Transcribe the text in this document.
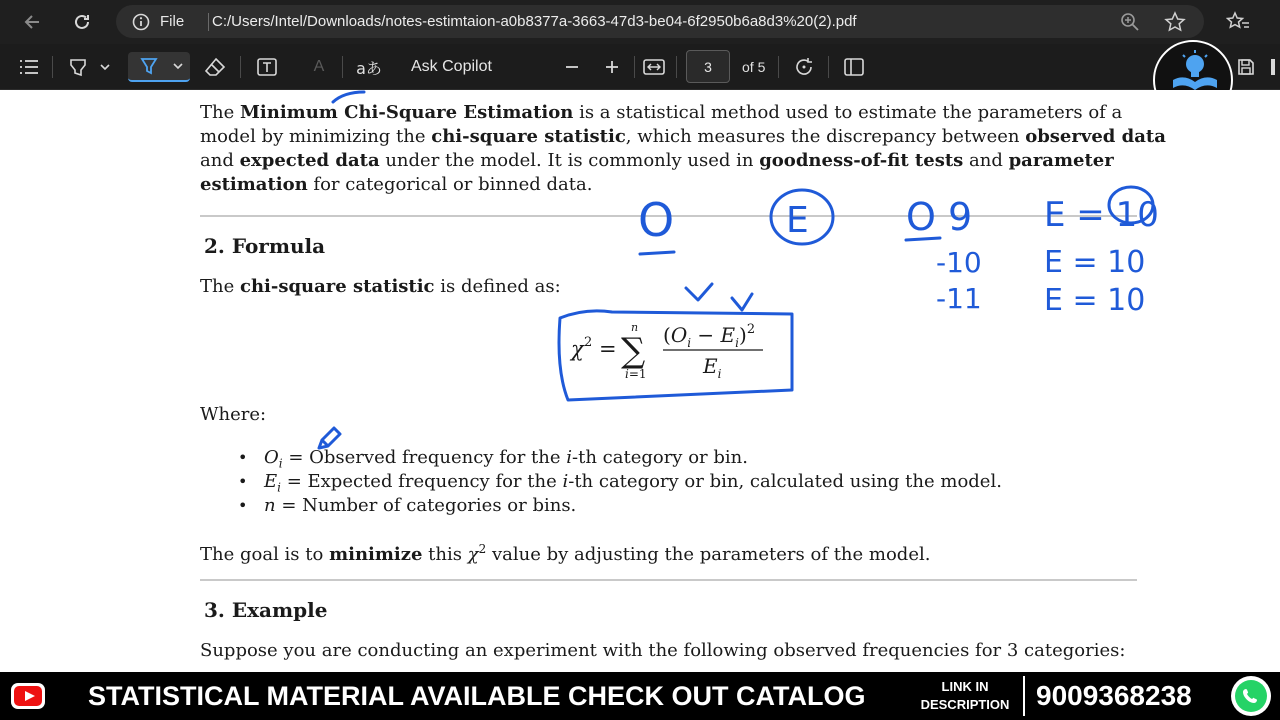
File C:/Users/Intel/Downloads/notes-estimtaion-a0b8377a-3663-47d3-be04-6f2950b6a8d3%20(2).pdf
A aあ Ask Copilot	3	of 5
The Minimum Chi-Square Estimation is a statistical method used to estimate the parameters of a
model by minimizing the chi-square statistic, which measures the discrepancy between observed data
and expected data under the model. It is commonly used in goodness-of-fit tests and parameter
estimation for categorical or binned data.
2. Formula
The chi-square statistic is defined as:
χ 2 =
n
∑
i=1
$(O_i - E_i)^2$
$E_i$
Where:
• $O_i$ = Observed frequency for the i-th category or bin.
• $E_i$ = Expected frequency for the i-th category or bin, calculated using the model.
• n = Number of categories or bins.
The goal is to minimize this $\chi^2$ value by adjusting the parameters of the model.
3. Example
Suppose you are conducting an experiment with the following observed frequencies for 3 categories:
O	E	O 9 E = 10
-10 E = 10
-11 E = 10
STATISTICAL MATERIAL AVAILABLE CHECK OUT CATALOG	LINK IN
DESCRIPTION 9009368238
